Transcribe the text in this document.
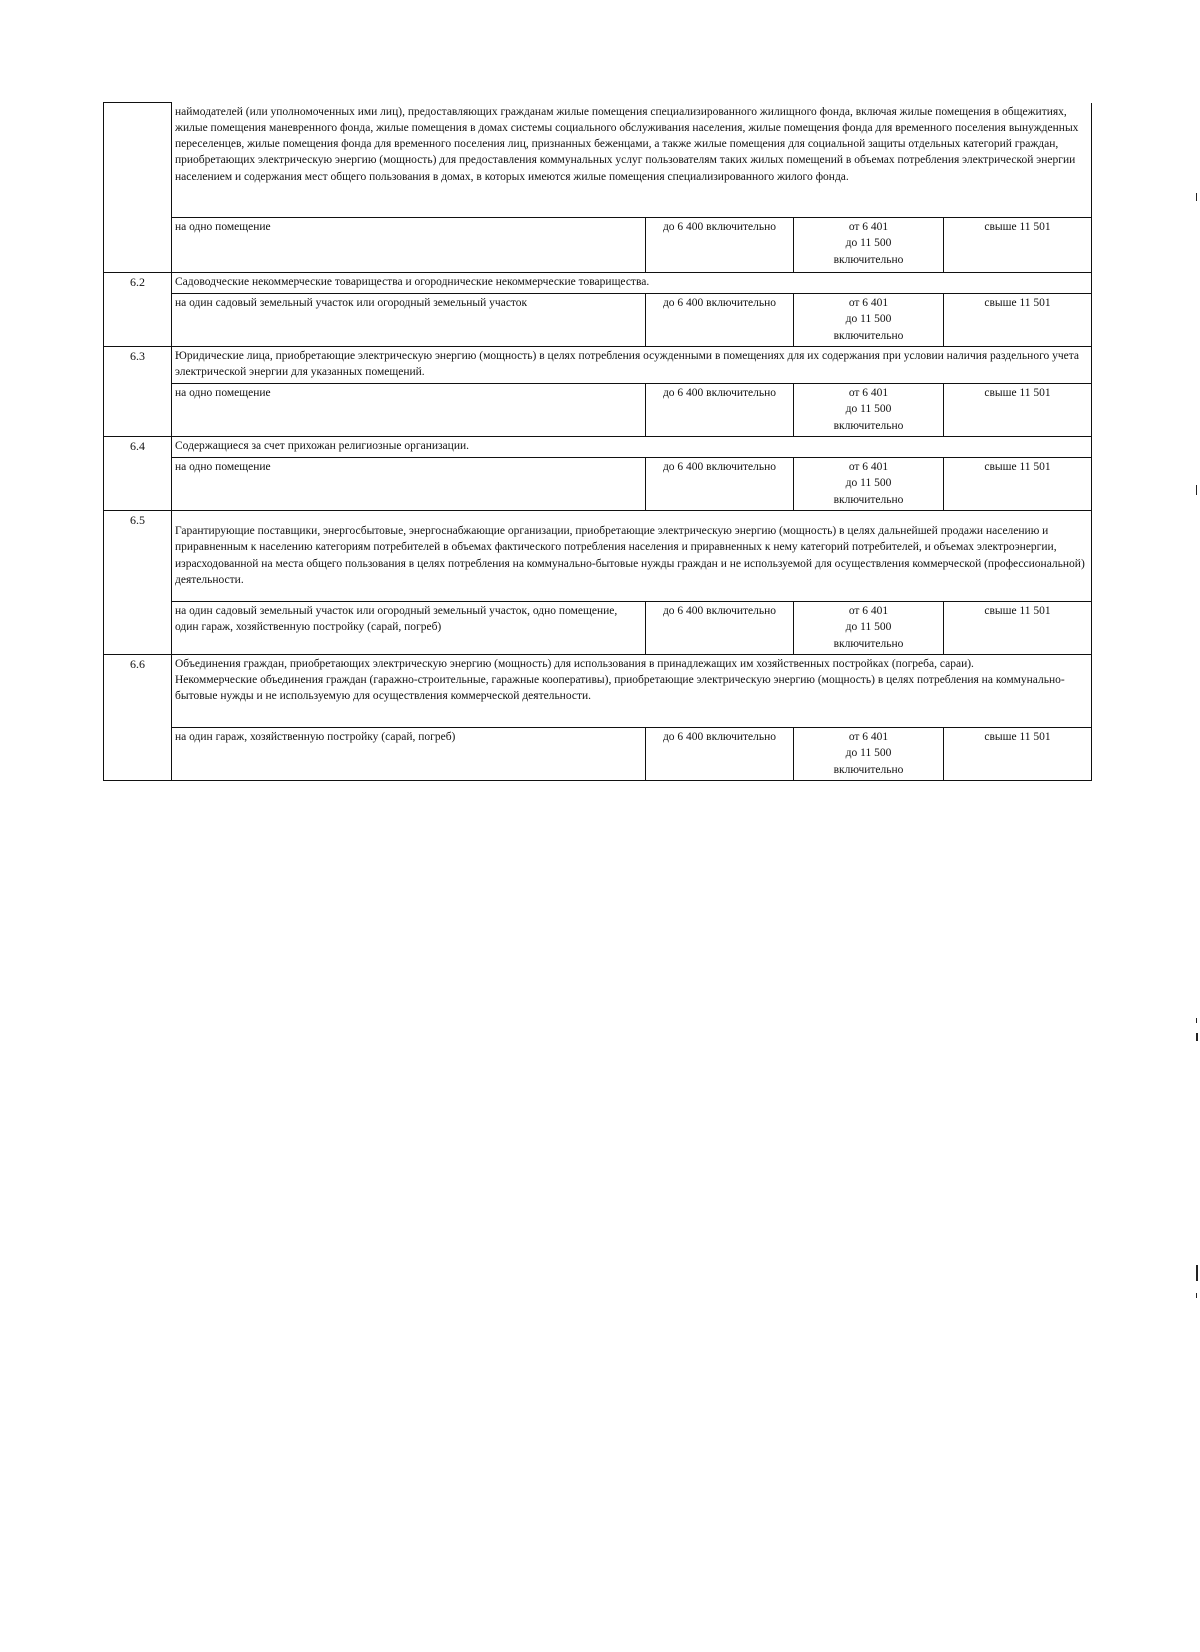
	наймодателей (или уполномоченных ими лиц), предоставляющих гражданам жилые помещения специализированного жилищного фонда, включая жилые помещения в общежитиях, жилые помещения маневренного фонда, жилые помещения в домах системы социального обслуживания населения, жилые помещения фонда для временного поселения вынужденных переселенцев, жилые помещения фонда для временного поселения лиц, признанных беженцами, а также жилые помещения для социальной защиты отдельных категорий граждан, приобретающих электрическую энергию (мощность) для предоставления коммунальных услуг пользователям таких жилых помещений в объемах потребления электрической энергии населением и содержания мест общего пользования в домах, в которых имеются жилые помещения специализированного жилого фонда.			

	на одно помещение	до 6 400 включительно	от 6 401
до 11 500
включительно	свыше 11 501
6.2	Садоводческие некоммерческие товарищества и огороднические некоммерческие товарищества.			

	на один садовый земельный участок или огородный земельный участок	до 6 400 включительно	от 6 401
до 11 500
включительно	свыше 11 501
6.3	Юридические лица, приобретающие электрическую энергию (мощность) в целях потребления осужденными в помещениях для их содержания при условии наличия раздельного учета электрической энергии для указанных помещений.			

	на одно помещение	до 6 400 включительно	от 6 401
до 11 500
включительно	свыше 11 501
6.4	Содержащиеся за счет прихожан религиозные организации.			

	на одно помещение	до 6 400 включительно	от 6 401
до 11 500
включительно	свыше 11 501
6.5	Гарантирующие поставщики, энергосбытовые, энергоснабжающие организации, приобретающие электрическую энергию (мощность) в целях дальнейшей продажи населению и приравненным к населению категориям потребителей в объемах фактического потребления населения и приравненных к нему категорий потребителей, и объемах электроэнергии, израсходованной на места общего пользования в целях потребления на коммунально-бытовые нужды граждан и не используемой для осуществления коммерческой (профессиональной) деятельности.			

	на один садовый земельный участок или огородный земельный участок, одно помещение, один гараж, хозяйственную постройку (сарай, погреб)	до 6 400 включительно	от 6 401
до 11 500
включительно	свыше 11 501
6.6	Объединения граждан, приобретающих электрическую энергию (мощность) для использования в принадлежащих им хозяйственных постройках (погреба, сараи).

Некоммерческие объединения граждан (гаражно-строительные, гаражные кооперативы), приобретающие электрическую энергию (мощность) в целях потребления на коммунально-бытовые нужды и не используемую для осуществления коммерческой деятельности.			

	на один гараж, хозяйственную постройку (сарай, погреб)	до 6 400 включительно	от 6 401
до 11 500
включительно	свыше 11 501
